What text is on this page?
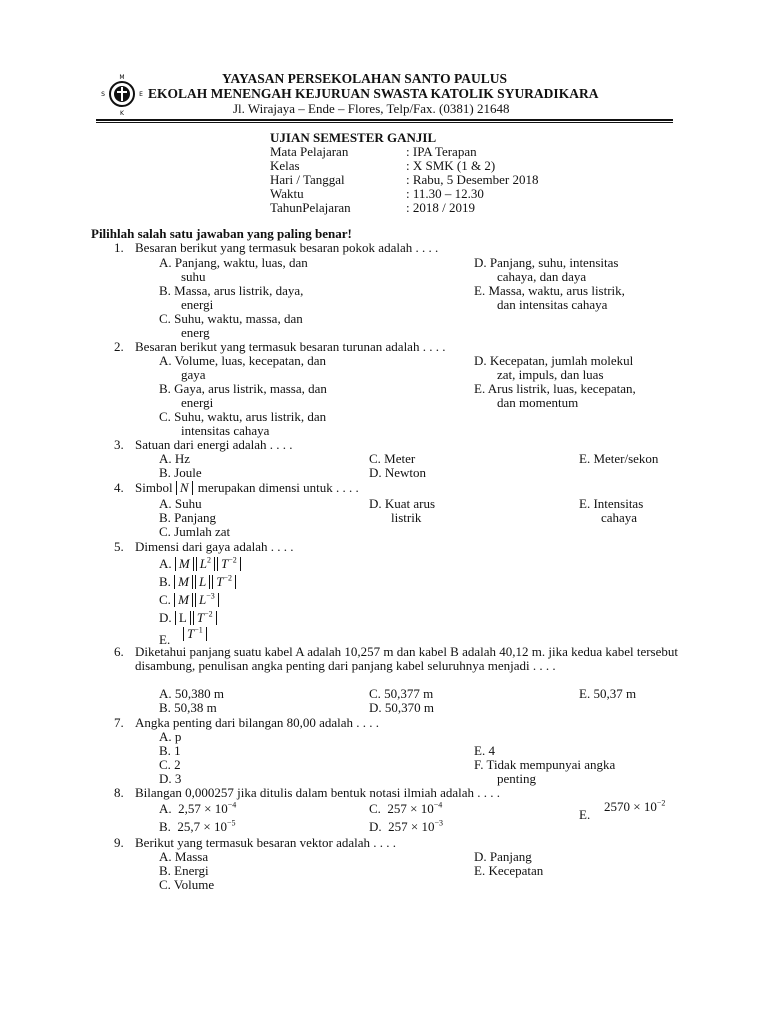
M
S
K
E
YAYASAN PERSEKOLAHAN SANTO PAULUS
EKOLAH MENENGAH KEJURUAN SWASTA KATOLIK SYURADIKARA
Jl. Wirajaya – Ende – Flores, Telp/Fax. (0381) 21648
UJIAN SEMESTER GANJIL
Mata Pelajaran	: IPA Terapan
Kelas	: X SMK (1 & 2)
Hari / Tanggal	: Rabu, 5 Desember 2018
Waktu	: 11.30 – 12.30
TahunPelajaran	: 2018 / 2019
Pilihlah salah satu jawaban yang paling benar!
1. Besaran berikut yang termasuk besaran pokok adalah . . . .
A. Panjang, waktu, luas, dan
suhu
B. Massa, arus listrik, daya,
energi
C. Suhu, waktu, massa, dan
energ
D. Panjang, suhu, intensitas
cahaya, dan daya
E. Massa, waktu, arus listrik,
dan intensitas cahaya
2. Besaran berikut yang termasuk besaran turunan adalah . . . .
A. Volume, luas, kecepatan, dan
gaya
B. Gaya, arus listrik, massa, dan
energi
C. Suhu, waktu, arus listrik, dan
intensitas cahaya
D. Kecepatan, jumlah molekul
zat, impuls, dan luas
E. Arus listrik, luas, kecepatan,
dan momentum
3. Satuan dari energi adalah . . . .
A. Hz
B. Joule
C. Meter
D. Newton
E. Meter/sekon
4. Simbol N merupakan dimensi untuk . . . .
A. Suhu
B. Panjang
C. Jumlah zat
D. Kuat arus
listrik
E. Intensitas
cahaya
5. Dimensi dari gaya adalah . . . .
A. M $L^2$ $T^{-2}$
B. M L $T^{-2}$
C. M $L^{-3}$
D. L $T^{-2}$
E.	$T^{-1}$
6. Diketahui panjang suatu kabel A adalah 10,257 m dan kabel B adalah 40,12 m. jika kedua kabel tersebut disambung, penulisan angka penting dari panjang kabel seluruhnya menjadi . . . .
A. 50,380 m
B. 50,38 m
C. 50,377 m
D. 50,370 m
E. 50,37 m
7. Angka penting dari bilangan 80,00 adalah . . . .
A. p
B. 1
C. 2
D. 3
E. 4
F. Tidak mempunyai angka
penting
8. Bilangan 0,000257 jika ditulis dalam bentuk notasi ilmiah adalah . . . .
A. $2,57 \times 10^{-4}$
B. $25,7 \times 10^{-5}$
C. $257 \times 10^{-4}$
D. $257 \times 10^{-3}$
E.
$2570 \times 10^{-2}$
9. Berikut yang termasuk besaran vektor adalah . . . .
A. Massa
B. Energi
C. Volume
D. Panjang
E. Kecepatan
